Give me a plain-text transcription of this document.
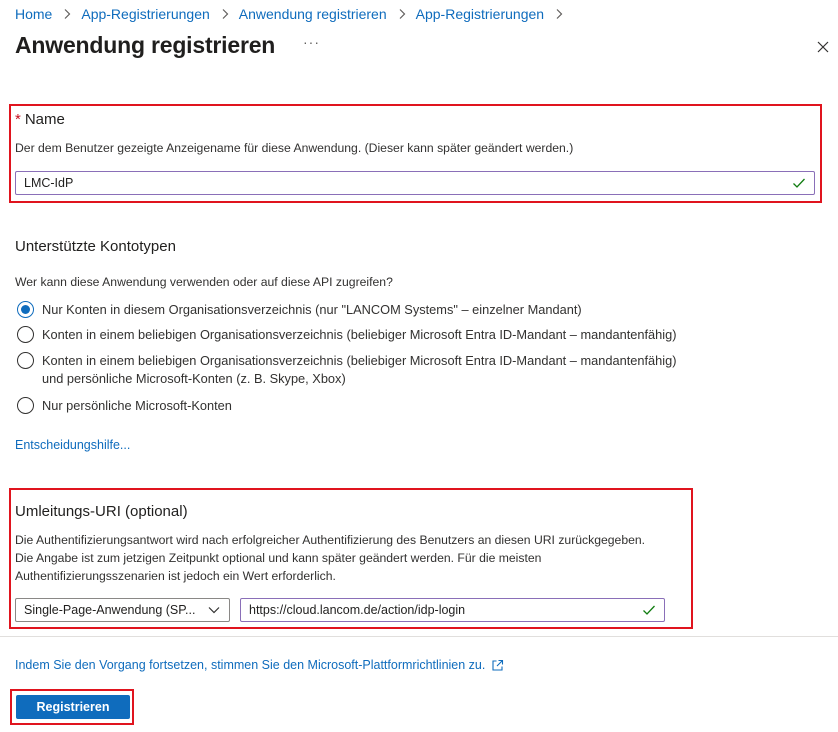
Home App-Registrierungen Anwendung registrieren App-Registrierungen
Anwendung registrieren ···
* Name
Der dem Benutzer gezeigte Anzeigename für diese Anwendung. (Dieser kann später geändert werden.)
LMC-IdP
Unterstützte Kontotypen
Wer kann diese Anwendung verwenden oder auf diese API zugreifen?
Nur Konten in diesem Organisationsverzeichnis (nur "LANCOM Systems" – einzelner Mandant)
Konten in einem beliebigen Organisationsverzeichnis (beliebiger Microsoft Entra ID-Mandant – mandantenfähig)
Konten in einem beliebigen Organisationsverzeichnis (beliebiger Microsoft Entra ID-Mandant – mandantenfähig)
und persönliche Microsoft-Konten (z. B. Skype, Xbox)
Nur persönliche Microsoft-Konten
Entscheidungshilfe...
Umleitungs-URI (optional)
Die Authentifizierungsantwort wird nach erfolgreicher Authentifizierung des Benutzers an diesen URI zurückgegeben.
Die Angabe ist zum jetzigen Zeitpunkt optional und kann später geändert werden. Für die meisten
Authentifizierungsszenarien ist jedoch ein Wert erforderlich.
Single-Page-Anwendung (SP...	https://cloud.lancom.de/action/idp-login
Indem Sie den Vorgang fortsetzen, stimmen Sie den Microsoft-Plattformrichtlinien zu.
Registrieren
